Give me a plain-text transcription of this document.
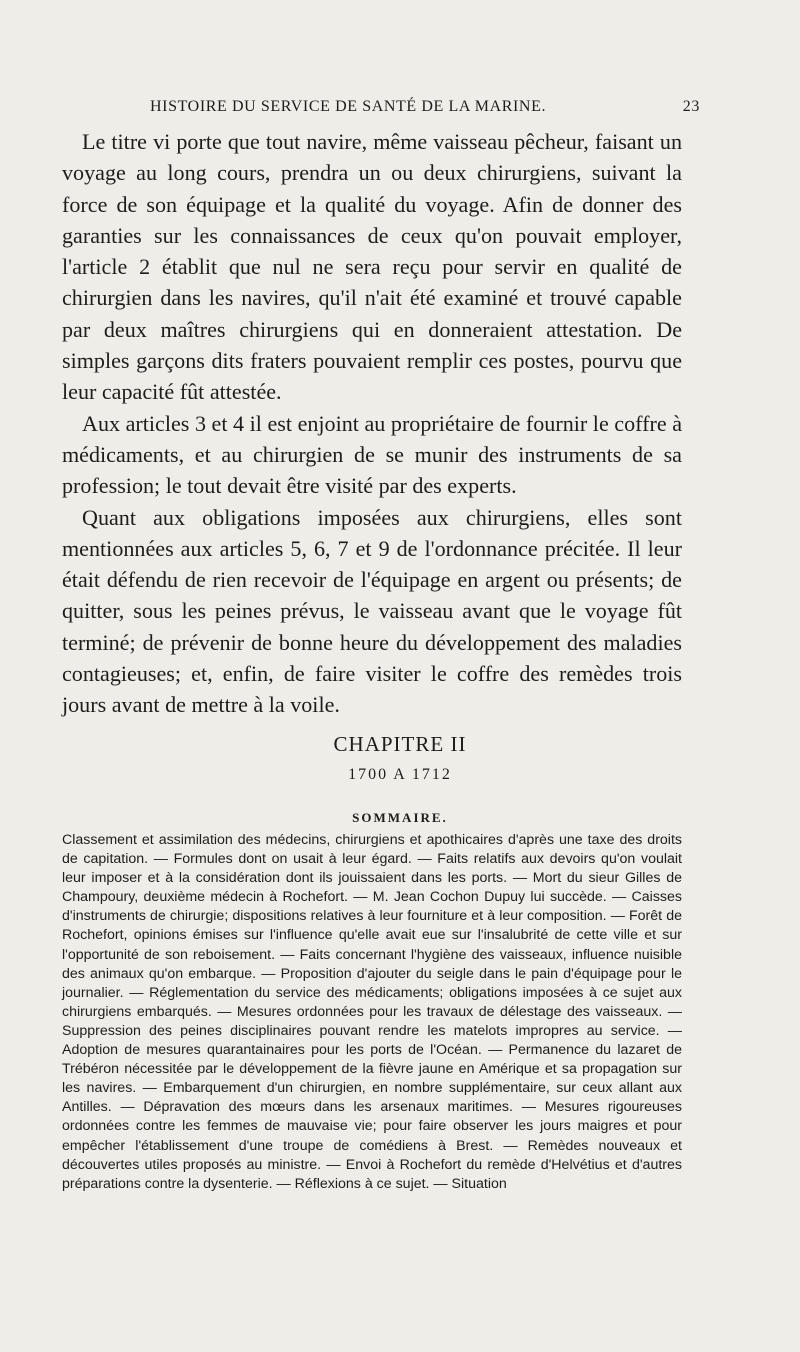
HISTOIRE DU SERVICE DE SANTÉ DE LA MARINE.	23

Le titre vi porte que tout navire, même vaisseau pêcheur, faisant un voyage au long cours, prendra un ou deux chirurgiens, suivant la force de son équipage et la qualité du voyage. Afin de donner des garanties sur les connaissances de ceux qu'on pouvait employer, l'article 2 établit que nul ne sera reçu pour servir en qualité de chirurgien dans les navires, qu'il n'ait été examiné et trouvé capable par deux maîtres chirurgiens qui en donneraient attestation. De simples garçons dits fraters pouvaient remplir ces postes, pourvu que leur capacité fût attestée.

Aux articles 3 et 4 il est enjoint au propriétaire de fournir le coffre à médicaments, et au chirurgien de se munir des instruments de sa profession; le tout devait être visité par des experts.

Quant aux obligations imposées aux chirurgiens, elles sont mentionnées aux articles 5, 6, 7 et 9 de l'ordonnance précitée. Il leur était défendu de rien recevoir de l'équipage en argent ou présents; de quitter, sous les peines prévus, le vaisseau avant que le voyage fût terminé; de prévenir de bonne heure du développement des maladies contagieuses; et, enfin, de faire visiter le coffre des remèdes trois jours avant de mettre à la voile.

CHAPITRE II
1700 A 1712
SOMMAIRE.
Classement et assimilation des médecins, chirurgiens et apothicaires d'après une taxe des droits de capitation. — Formules dont on usait à leur égard. — Faits relatifs aux devoirs qu'on voulait leur imposer et à la considération dont ils jouissaient dans les ports. — Mort du sieur Gilles de Champoury, deuxième médecin à Rochefort. — M. Jean Cochon Dupuy lui succède. — Caisses d'instruments de chirurgie; dispositions relatives à leur fourniture et à leur composition. — Forêt de Rochefort, opinions émises sur l'influence qu'elle avait eue sur l'insalubrité de cette ville et sur l'opportunité de son reboisement. — Faits concernant l'hygiène des vaisseaux, influence nuisible des animaux qu'on embarque. — Proposition d'ajouter du seigle dans le pain d'équipage pour le journalier. — Réglementation du service des médicaments; obligations imposées à ce sujet aux chirurgiens embarqués. — Mesures ordonnées pour les travaux de délestage des vaisseaux. — Suppression des peines disciplinaires pouvant rendre les matelots impropres au service. — Adoption de mesures quarantainaires pour les ports de l'Océan. — Permanence du lazaret de Trébéron nécessitée par le développement de la fièvre jaune en Amérique et sa propagation sur les navires. — Embarquement d'un chirurgien, en nombre supplémentaire, sur ceux allant aux Antilles. — Dépravation des mœurs dans les arsenaux maritimes. — Mesures rigoureuses ordonnées contre les femmes de mauvaise vie; pour faire observer les jours maigres et pour empêcher l'établissement d'une troupe de comédiens à Brest. — Remèdes nouveaux et découvertes utiles proposés au ministre. — Envoi à Rochefort du remède d'Helvétius et d'autres préparations contre la dysenterie. — Réflexions à ce sujet. — Situation
